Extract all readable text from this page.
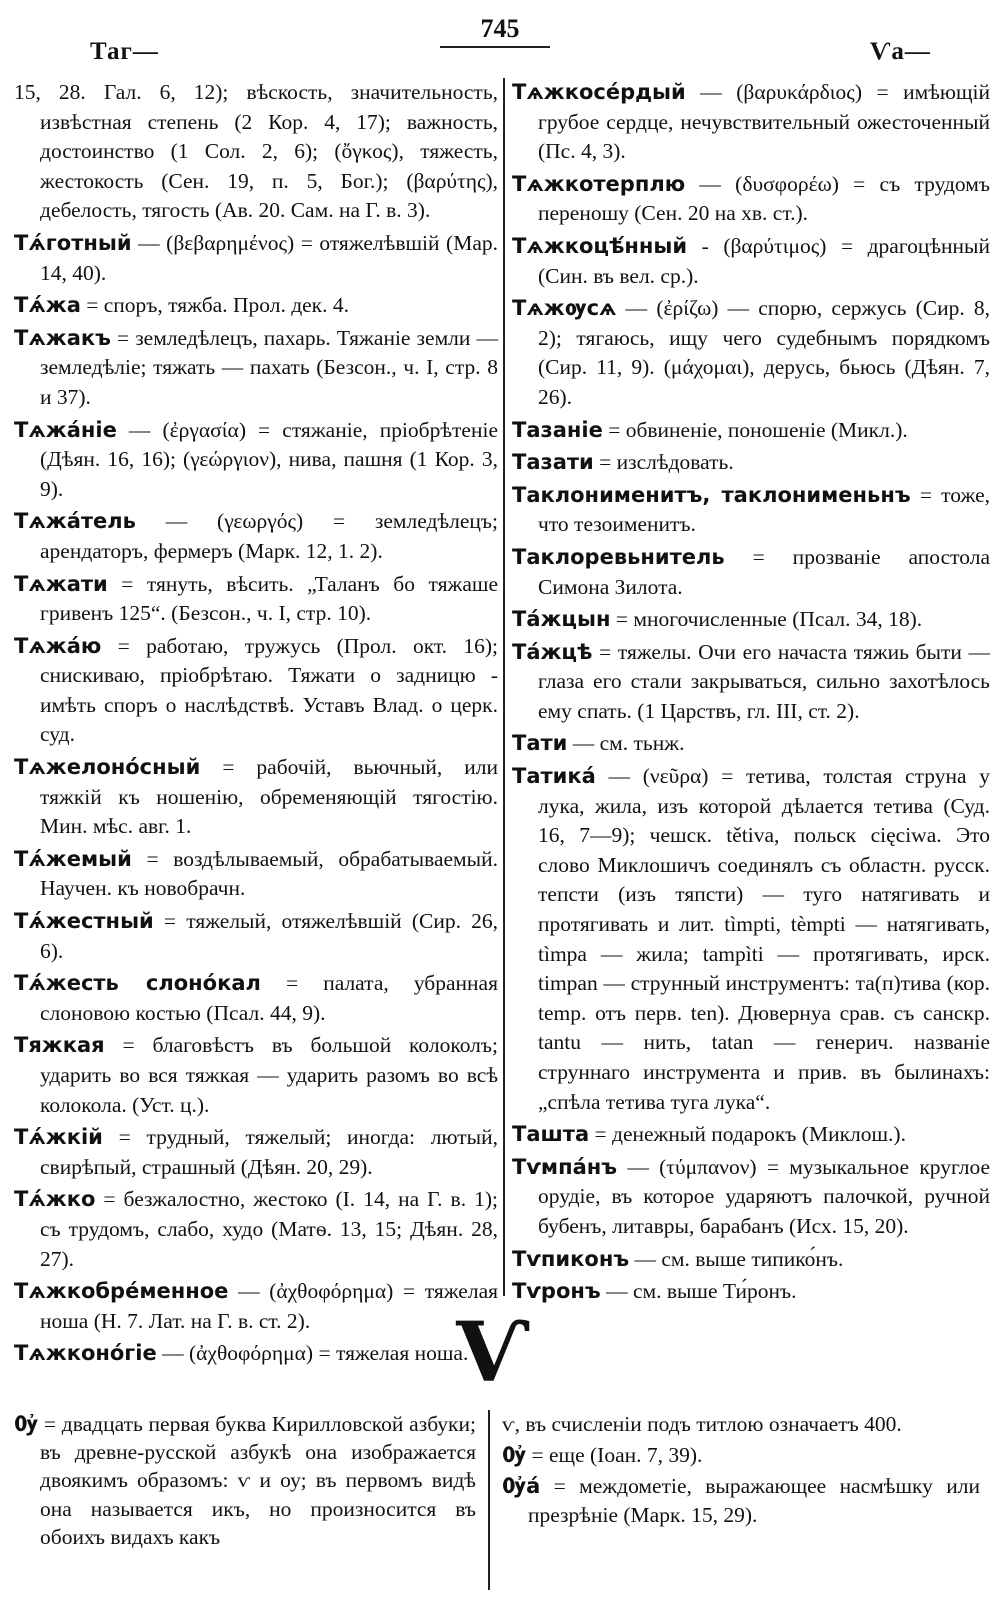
Таг—
745
Ѵа—
15, 28. Гал. 6, 12); вѣскость, значительность, извѣстная степень (2 Кор. 4, 17); важность, достоинство (1 Сол. 2, 6); (ὄγκος), тяжесть, жестокость (Сен. 19, п. 5, Бог.); (βαρύτης), дебелость, тягость (Ав. 20. Сам. на Г. в. 3).
Тѧ́готный — (βεβαρημένος) = отяжелѣвшій (Мар. 14, 40).
Тѧ́жа = споръ, тяжба. Прол. дек. 4.
Тѧжакъ = земледѣлецъ, пахарь. Тяжаніе земли — земледѣліе; тяжать — пахать (Безсон., ч. I, стр. 8 и 37).
Тѧжа́ніе — (ἐργασία) = стяжаніе, пріобрѣтеніе (Дѣян. 16, 16); (γεώργιον), нива, пашня (1 Кор. 3, 9).
Тѧжа́тель — (γεωργός) = земледѣлецъ; арендаторъ, фермеръ (Марк. 12, 1. 2).
Тѧжати = тянуть, вѣсить. „Таланъ бо тяжаше гривенъ 125“. (Безсон., ч. I, стр. 10).
Тѧжа́ю = работаю, тружусь (Прол. окт. 16); снискиваю, пріобрѣтаю. Тяжати о задницю - имѣть споръ о наслѣдствѣ. Уставъ Влад. о церк. суд.
Тѧжелоно́сный = рабочій, вьючный, или тяжкій къ ношенію, обременяющій тягостію. Мин. мѣс. авг. 1.
Тѧ́жемый = воздѣлываемый, обрабатываемый. Научен. къ новобрачн.
Тѧ́жестный = тяжелый, отяжелѣвшій (Сир. 26, 6).
Тѧ́жесть слоно́кал = палата, убранная слоновою костью (Псал. 44, 9).
Тяжкая = благовѣстъ въ большой колоколъ; ударить во вся тяжкая — ударить разомъ во всѣ колокола. (Уст. ц.).
Тѧ́жкій = трудный, тяжелый; иногда: лютый, свирѣпый, страшный (Дѣян. 20, 29).
Тѧ́жко = безжалостно, жестоко (І. 14, на Г. в. 1); съ трудомъ, слабо, худо (Матѳ. 13, 15; Дѣян. 28, 27).
Тѧжкобре́менное — (ἀχθοφόρημα) = тяжелая ноша (Н. 7. Лат. на Г. в. ст. 2).
Тѧжконо́гіе — (ἀχθοφόρημα) = тяжелая ноша.
Тѧжкосе́рдый — (βαρυκάρδιος) = имѣющій грубое сердце, нечувствительный ожесточенный (Пс. 4, 3).
Тѧжкотерплю — (δυσφορέω) = съ трудомъ переношу (Сен. 20 на хв. ст.).
Тѧжкоцѣ́нный - (βαρύτιμος) = драгоцѣнный (Син. въ вел. ср.).
Тѧжѹсѧ — (ἐρίζω) — спорю, сержусь (Сир. 8, 2); тягаюсь, ищу чего судебнымъ порядкомъ (Сир. 11, 9). (μάχομαι), дерусь, бьюсь (Дѣян. 7, 26).
Тазаніе = обвиненіе, поношеніе (Микл.).
Тазати = изслѣдовать.
Таклонименитъ, таклонименьнъ = тоже, что тезоименитъ.
Таклоревьнитель = прозваніе апостола Симона Зилота.
Та́жцын = многочисленные (Псал. 34, 18).
Та́жцѣ = тяжелы. Очи его начаста тяжиь быти — глаза его стали закрываться, сильно захотѣлось ему спать. (1 Царствъ, гл. III, ст. 2).
Тати — см. тьнж.
Татика́ — (νεῦρα) = тетива, толстая струна у лука, жила, изъ которой дѣлается тетива (Суд. 16, 7—9); чешск. tětiva, польск cięciwa. Это слово Миклошичъ соединялъ съ областн. русск. тепсти (изъ тяпсти) — туго натягивать и протягивать и лит. tìmpti, tèmpti — натягивать, tìmpa — жила; tampìti — протягивать, ирск. timpan — струнный инструментъ: та(п)тива (кор. temp. отъ перв. ten). Дювернуа срав. съ санскр. tantu — нить, tatan — генерич. названіе струннаго инструмента и прив. въ былинахъ: „спѣла тетива туга лука“.
Таштa = денежный подарокъ (Миклош.).
Тѵмпа́нъ — (τύμπανον) = музыкальное круглое орудіе, въ которое ударяютъ палочкой, ручной бубенъ, литавры, барабанъ (Исх. 15, 20).
Тѵпиконъ — см. выше типико́нъ.
Тѵронъ — см. выше Ти́ронъ.
Ѵ
Ѹ҆ = двадцать первая буква Кирилловской азбуки; въ древне-русской азбукѣ она изображается двоякимъ образомъ: ѵ и оу; въ первомъ видѣ она называется икъ, но произносится въ обоихъ видахъ какъ
ѵ, въ счисленіи подъ титлою означаетъ 400.
Ѹ҆ = еще (Іоан. 7, 39).
Ѹ҆а́ = междометіе, выражающее насмѣшку или презрѣніе (Марк. 15, 29).
